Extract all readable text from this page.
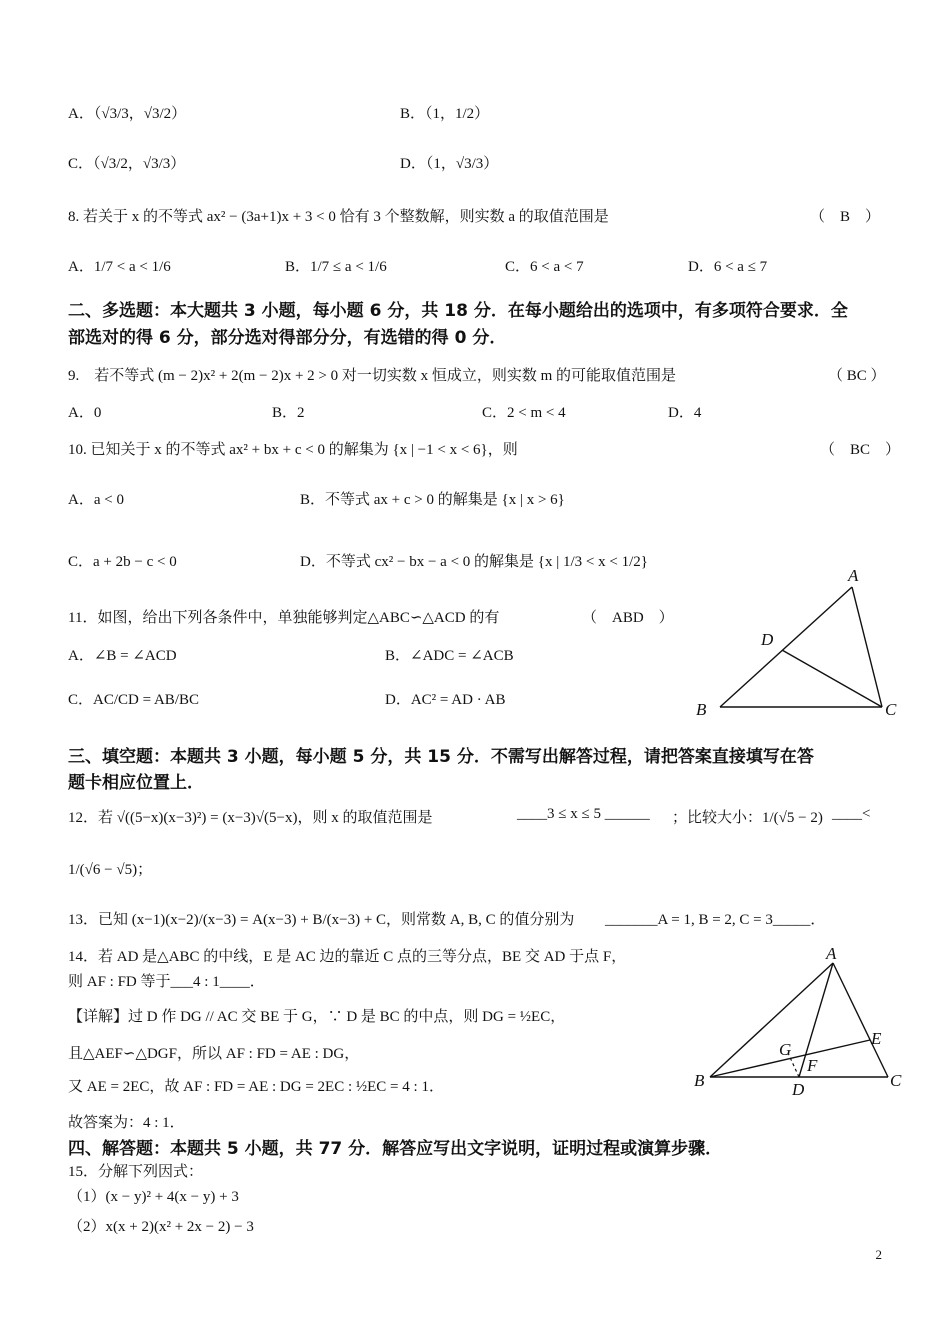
A．（√3/3，√3/2）	B．（1，1/2）
C．（√3/2，√3/3）	D．（1，√3/3）
8. 若关于 x 的不等式 ax² − (3a+1)x + 3 < 0 恰有 3 个整数解，则实数 a 的取值范围是	（　B　）
A．1/7 < a < 1/6	B．1/7 ≤ a < 1/6	C．6 < a < 7	D．6 < a ≤ 7
二、多选题：本大题共 3 小题，每小题 6 分，共 18 分．在每小题给出的选项中，有多项符合要求．全
部选对的得 6 分，部分选对得部分分，有选错的得 0 分．
9.　若不等式 (m − 2)x² + 2(m − 2)x + 2 > 0 对一切实数 x 恒成立，则实数 m 的可能取值范围是	（ BC ）
A．0	B．2	C．2 < m < 4	D．4
10. 已知关于 x 的不等式 ax² + bx + c < 0 的解集为 {x | −1 < x < 6}，则	（　BC　）
A．a < 0	B．不等式 ax + c > 0 的解集是 {x | x > 6}
C．a + 2b − c < 0	D．不等式 cx² − bx − a < 0 的解集是 {x | 1/3 < x < 1/2}
11．如图，给出下列各条件中，单独能够判定△ABC∽△ACD 的有	（　ABD　）
A．∠B = ∠ACD	B．∠ADC = ∠ACB
C．AC/CD = AB/BC	D．AC² = AD · AB
A
B	C
D
三、填空题：本题共 3 小题，每小题 5 分，共 15 分．不需写出解答过程，请把答案直接填写在答
题卡相应位置上．
12．若 √((5−x)(x−3)²) = (x−3)√(5−x)，则 x 的取值范围是	____3 ≤ x ≤ 5 ______ ；比较大小：1/(√5 − 2) ____<
1/(√6 − √5)；
13．已知 (x−1)(x−2)/(x−3) = A(x−3) + B/(x−3) + C，则常数 A, B, C 的值分别为 _______A = 1, B = 2, C = 3_____．
14．若 AD 是△ABC 的中线，E 是 AC 边的靠近 C 点的三等分点，BE 交 AD 于点 F，
则 AF : FD 等于___4 : 1____．
【详解】过 D 作 DG // AC 交 BE 于 G，∵ D 是 BC 的中点，则 DG = ½EC，
且△AEF∽△DGF，所以 AF : FD = AE : DG，
又 AE = 2EC，故 AF : FD = AE : DG = 2EC : ½EC = 4 : 1．
故答案为：4 : 1．
A
B	C
D
E
F
G
四、解答题：本题共 5 小题，共 77 分．解答应写出文字说明，证明过程或演算步骤．
15．分解下列因式：
（1）(x − y)² + 4(x − y) + 3
（2）x(x + 2)(x² + 2x − 2) − 3
2
